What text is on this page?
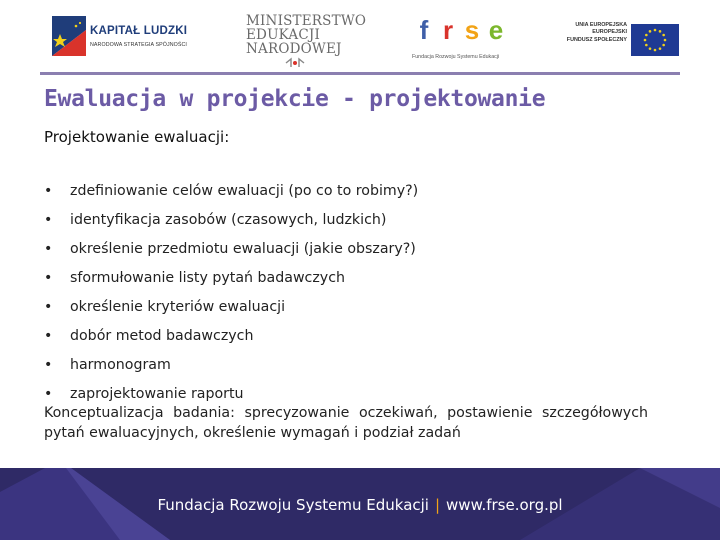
KAPITAŁ LUDZKI
NARODOWA STRATEGIA SPÓJNOŚCI
MINISTERSTWO
EDUKACJI
NARODOWEJ
f r s e
Fundacja Rozwoju Systemu Edukacji
UNIA EUROPEJSKA
EUROPEJSKI
FUNDUSZ SPOŁECZNY
Ewaluacja w projekcie - projektowanie
Projektowanie ewaluacji:
• zdefiniowanie celów ewaluacji (po co to robimy?)
• identyfikacja zasobów (czasowych, ludzkich)
• określenie przedmiotu ewaluacji (jakie obszary?)
• sformułowanie listy pytań badawczych
• określenie kryteriów ewaluacji
• dobór metod badawczych
• harmonogram
• zaprojektowanie raportu

Konceptualizacja badania: sprecyzowanie oczekiwań, postawienie szczegółowych pytań ewaluacyjnych, określenie wymagań i podział zadań

Fundacja Rozwoju Systemu Edukacji | www.frse.org.pl
